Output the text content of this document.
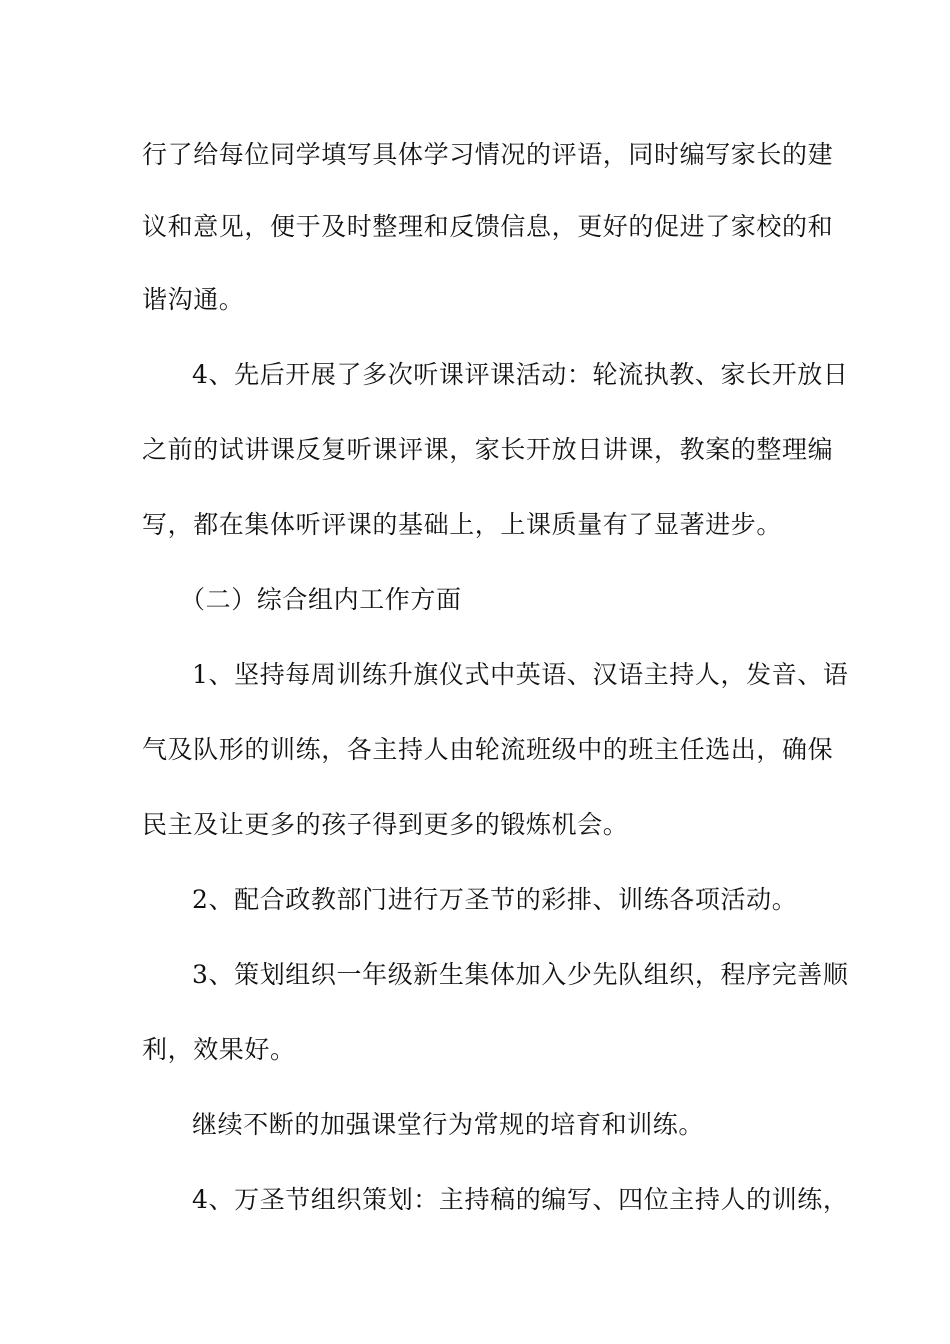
行了给每位同学填写具体学习情况的评语，同时编写家长的建
议和意见，便于及时整理和反馈信息，更好的促进了家校的和
谐沟通。
4、先后开展了多次听课评课活动：轮流执教、家长开放日
之前的试讲课反复听课评课，家长开放日讲课，教案的整理编
写，都在集体听评课的基础上，上课质量有了显著进步。
（二）综合组内工作方面
1、坚持每周训练升旗仪式中英语、汉语主持人，发音、语
气及队形的训练，各主持人由轮流班级中的班主任选出，确保
民主及让更多的孩子得到更多的锻炼机会。
2、配合政教部门进行万圣节的彩排、训练各项活动。
3、策划组织一年级新生集体加入少先队组织，程序完善顺
利，效果好。
继续不断的加强课堂行为常规的培育和训练。
4、万圣节组织策划：主持稿的编写、四位主持人的训练，
